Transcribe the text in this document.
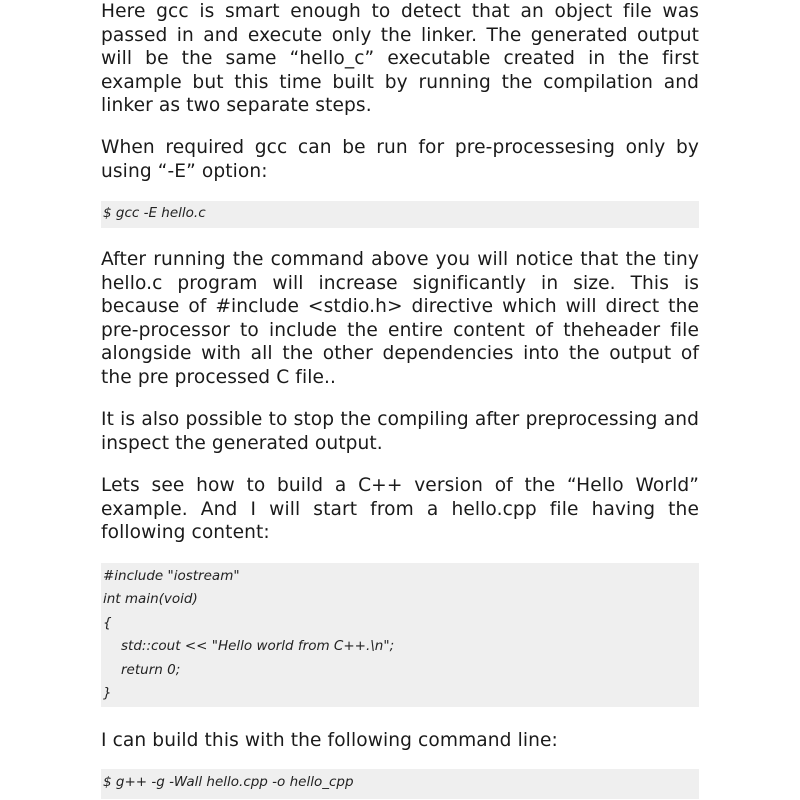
Here gcc is smart enough to detect that an object file was passed in and execute only the linker. The generated output will be the same “hello_c” executable created in the first example but this time built by running the compilation and linker as two separate steps.

When required gcc can be run for pre-processesing only by using “-E” option:

$ gcc -E hello.c

After running the command above you will notice that the tiny hello.c program will increase significantly in size. This is because of #include <stdio.h> directive which will direct the pre-processor to include the entire content of theheader file alongside with all the other dependencies into the output of the pre processed C file..

It is also possible to stop the compiling after preprocessing and inspect the generated output.

Lets see how to build a C++ version of the “Hello World” example. And I will start from a hello.cpp file having the following content:

#include "iostream"
int main(void)
{
std::cout << "Hello world from C++.\n";
return 0;
}

I can build this with the following command line:

$ g++ -g -Wall hello.cpp -o hello_cpp
